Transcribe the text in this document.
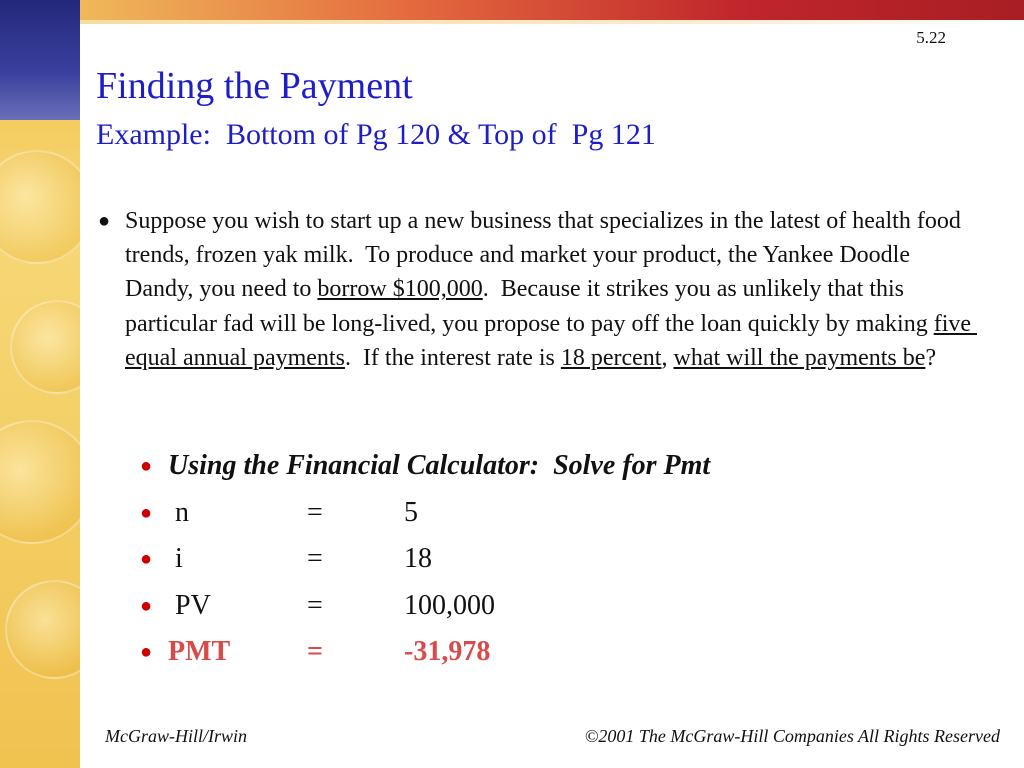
5.22
Finding the Payment
Example:  Bottom of Pg 120 & Top of  Pg 121
● Suppose you wish to start up a new business that specializes in the latest of health food trends, frozen yak milk.  To produce and market your product, the Yankee Doodle Dandy, you need to borrow $100,000.  Because it strikes you as unlikely that this particular fad will be long-lived, you propose to pay off the loan quickly by making five equal annual payments.  If the interest rate is 18 percent, what will the payments be?
● Using the Financial Calculator:  Solve for Pmt
● n	=	5
● i	=	18
● PV	=	100,000
● PMT	=	-31,978
McGraw-Hill/Irwin	©2001 The McGraw-Hill Companies All Rights Reserved
